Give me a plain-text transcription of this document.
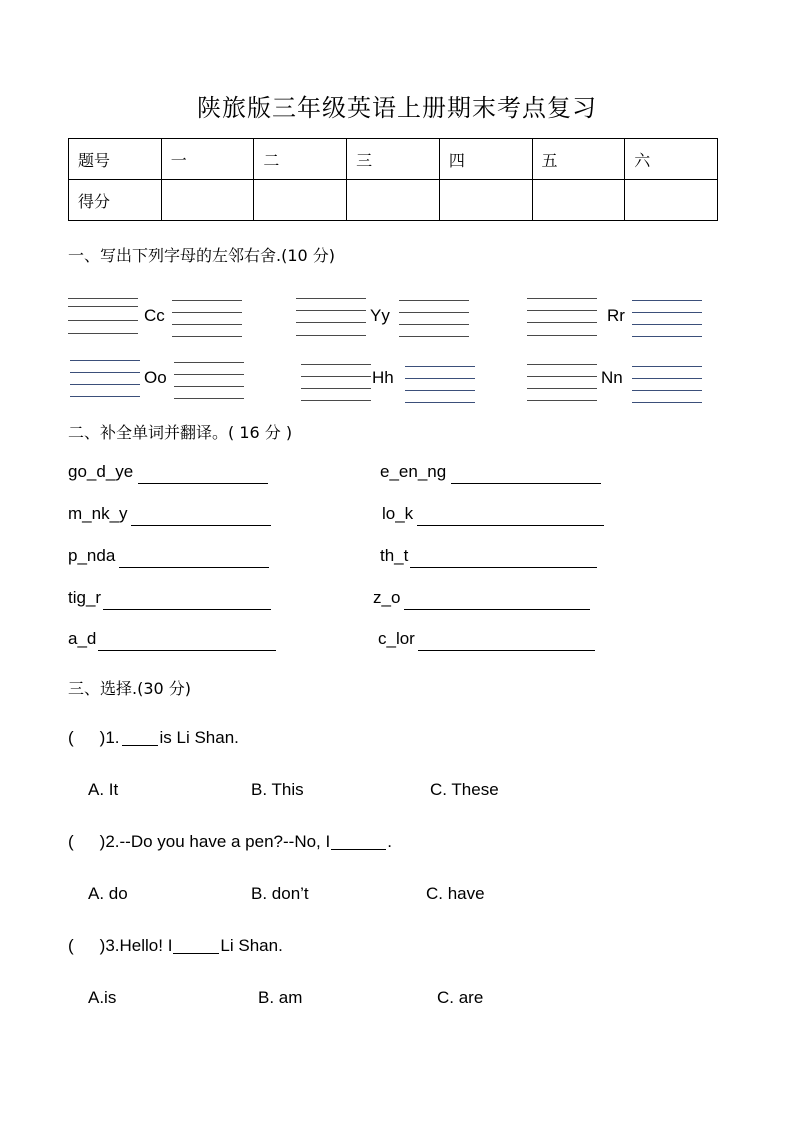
陕旅版三年级英语上册期末考点复习
题号	一	二	三	四	五	六
得分						
一、写出下列字母的左邻右舍.(10 分)
Cc	Yy	Rr
Oo	Hh	Nn
二、补全单词并翻译。( 16 分 )
go_d_ye	e_en_ng
m_nk_y	lo_k
p_nda	th_t
tig_r	z_o
a_d	c_lor
三、选择.(30 分)
( )1. is Li Shan.
A. It	B. This	C. These
( )2.--Do you have a pen?--No, I	.
A. do	B. don’t	C. have
( )3.Hello! I	Li Shan.
A.is	B. am	C. are
